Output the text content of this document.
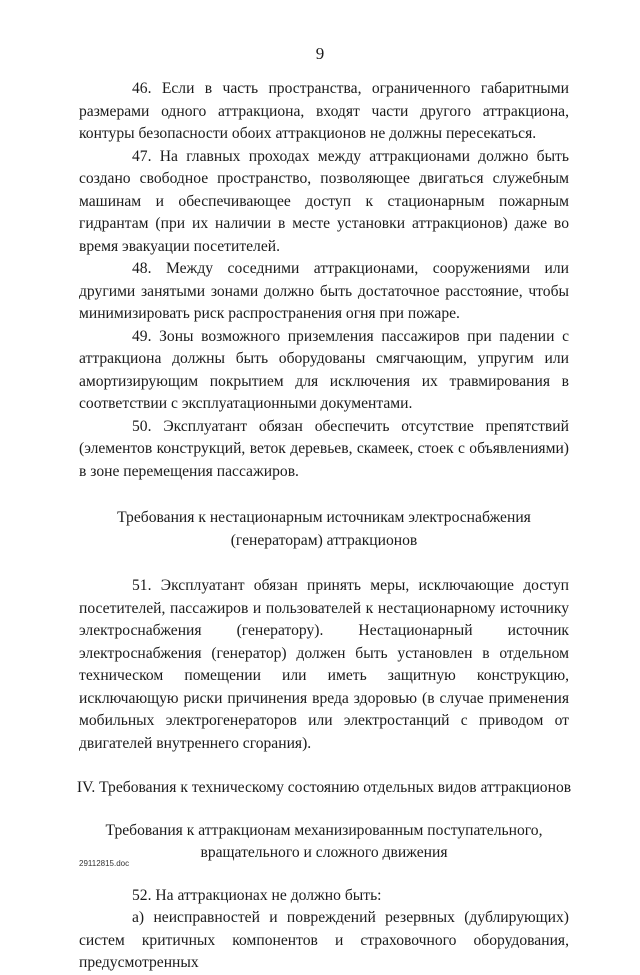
9

46. Если в часть пространства, ограниченного габаритными размерами одного аттракциона, входят части другого аттракциона, контуры безопасности обоих аттракционов не должны пересекаться.

47. На главных проходах между аттракционами должно быть создано свободное пространство, позволяющее двигаться служебным машинам и обеспечивающее доступ к стационарным пожарным гидрантам (при их наличии в месте установки аттракционов) даже во время эвакуации посетителей.

48. Между соседними аттракционами, сооружениями или другими занятыми зонами должно быть достаточное расстояние, чтобы минимизировать риск распространения огня при пожаре.

49. Зоны возможного приземления пассажиров при падении с аттракциона должны быть оборудованы смягчающим, упругим или амортизирующим покрытием для исключения их травмирования в соответствии с эксплуатационными документами.

50. Эксплуатант обязан обеспечить отсутствие препятствий (элементов конструкций, веток деревьев, скамеек, стоек с объявлениями) в зоне перемещения пассажиров.

Требования к нестационарным источникам электроснабжения (генераторам) аттракционов

51. Эксплуатант обязан принять меры, исключающие доступ посетителей, пассажиров и пользователей к нестационарному источнику электроснабжения (генератору). Нестационарный источник электроснабжения (генератор) должен быть установлен в отдельном техническом помещении или иметь защитную конструкцию, исключающую риски причинения вреда здоровью (в случае применения мобильных электрогенераторов или электростанций с приводом от двигателей внутреннего сгорания).

IV. Требования к техническому состоянию отдельных видов аттракционов
Требования к аттракционам механизированным поступательного, вращательного и сложного движения

52. На аттракционах не должно быть:

а) неисправностей и повреждений резервных (дублирующих) систем критичных компонентов и страховочного оборудования, предусмотренных

29112815.doc
